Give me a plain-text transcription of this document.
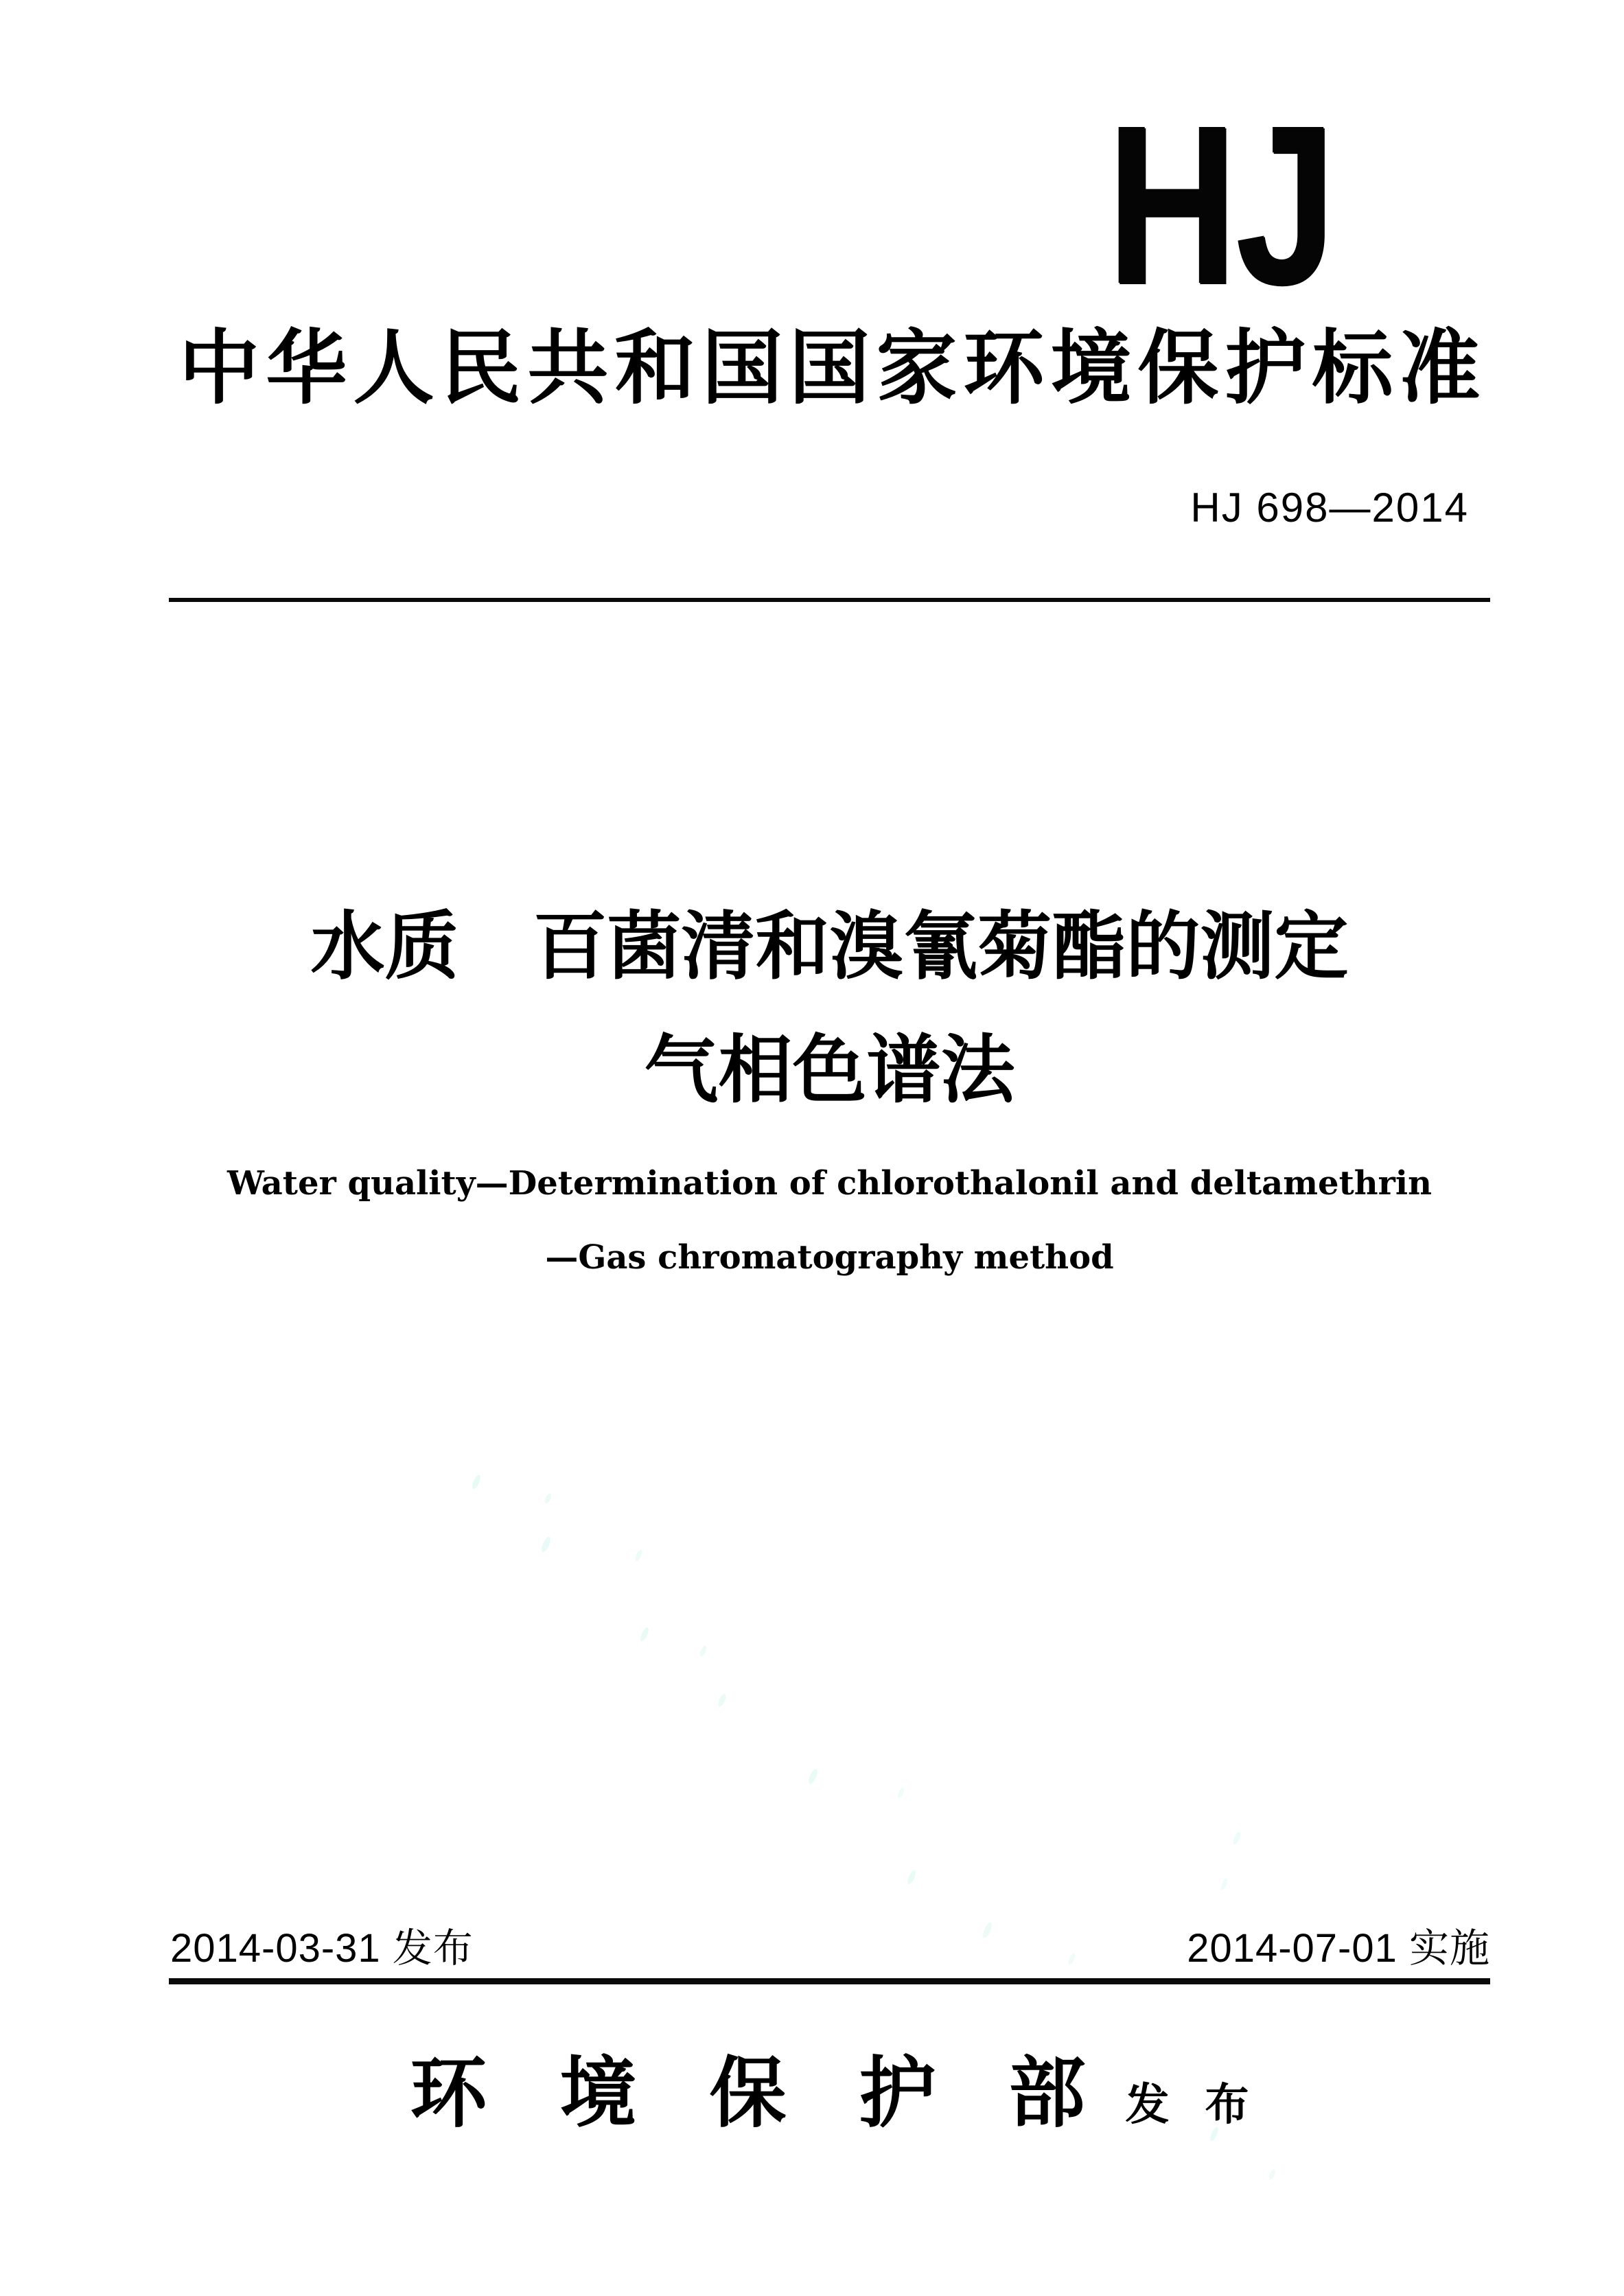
HJ
中华人民共和国国家环境保护标准
HJ 698—2014
水质　百菌清和溴氰菊酯的测定
气相色谱法
Water quality—Determination of chlorothalonil and deltamethrin
—Gas chromatography method
2014-03-31 发布	2014-07-01 实施
环境保护部发布
